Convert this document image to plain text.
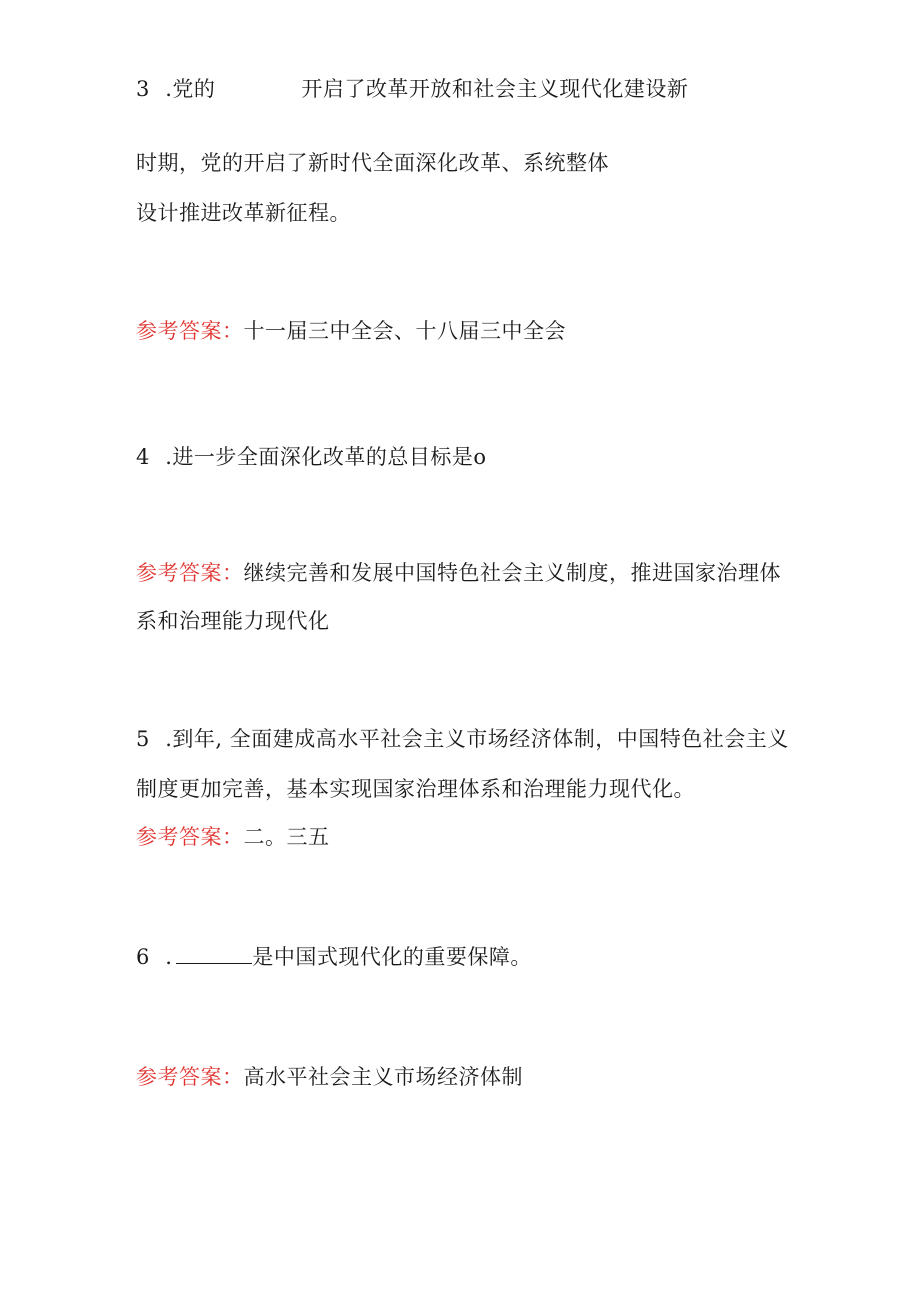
3 .党的	开启了改革开放和社会主义现代化建设新
时期，党的开启了新时代全面深化改革、系统整体
设计推进改革新征程。
参考答案：十一届三中全会、十八届三中全会
4 .进一步全面深化改革的总目标是o
参考答案：继续完善和发展中国特色社会主义制度，推进国家治理体
系和治理能力现代化
5 .到年, 全面建成高水平社会主义市场经济体制，中国特色社会主义
制度更加完善，基本实现国家治理体系和治理能力现代化。
参考答案：二。三五
6 .	是中国式现代化的重要保障。
参考答案：高水平社会主义市场经济体制
